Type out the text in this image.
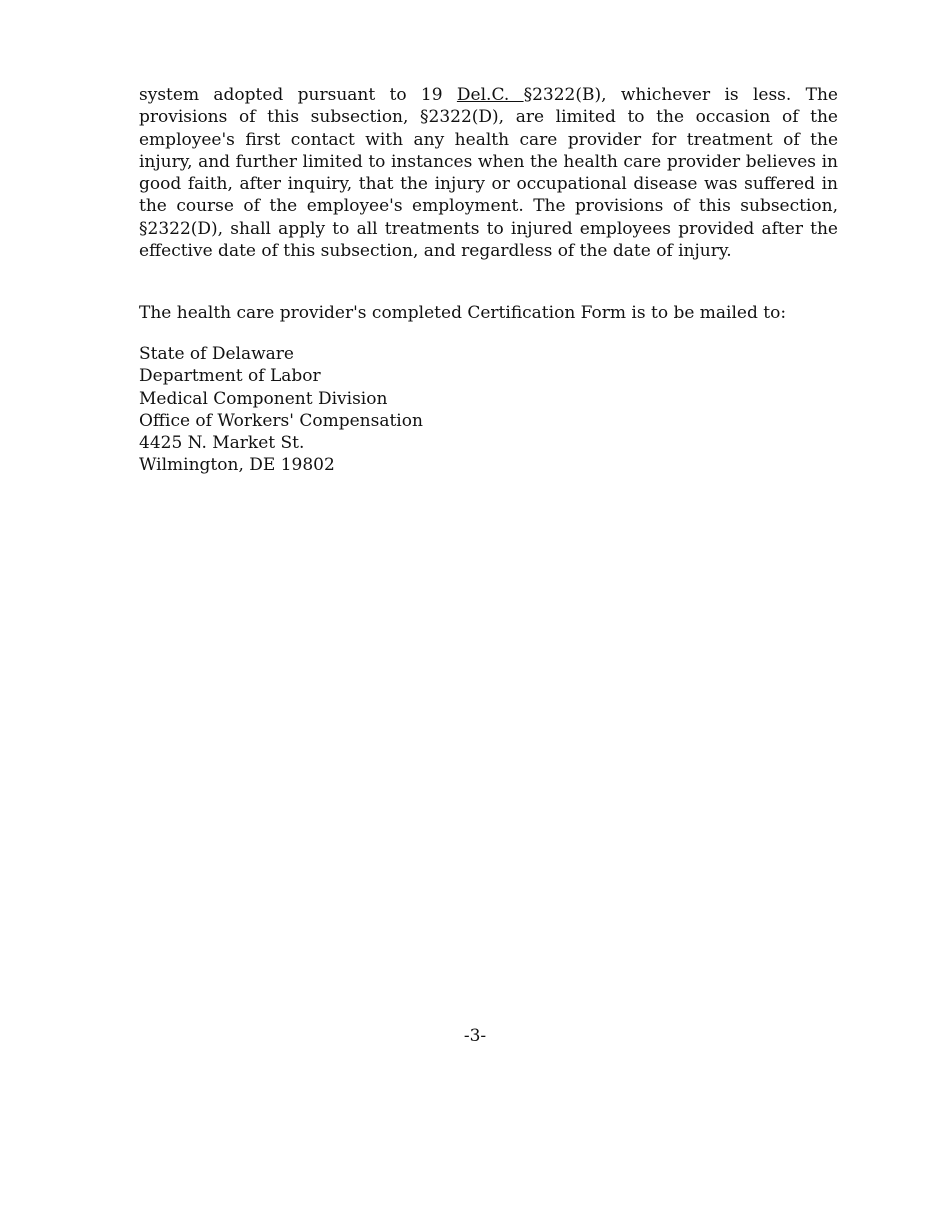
system adopted pursuant to 19 Del.C. §2322(B), whichever is less. The provisions of this subsection, §2322(D), are limited to the occasion of the employee's first contact with any health care provider for treatment of the injury, and further limited to instances when the health care provider believes in good faith, after inquiry, that the injury or occupational disease was suffered in the course of the employee's employment. The provisions of this subsection, §2322(D), shall apply to all treatments to injured employees provided after the effective date of this subsection, and regardless of the date of injury.

The health care provider's completed Certification Form is to be mailed to:

State of Delaware
Department of Labor
Medical Component Division
Office of Workers' Compensation
4425 N. Market St.
Wilmington, DE 19802
-3-
